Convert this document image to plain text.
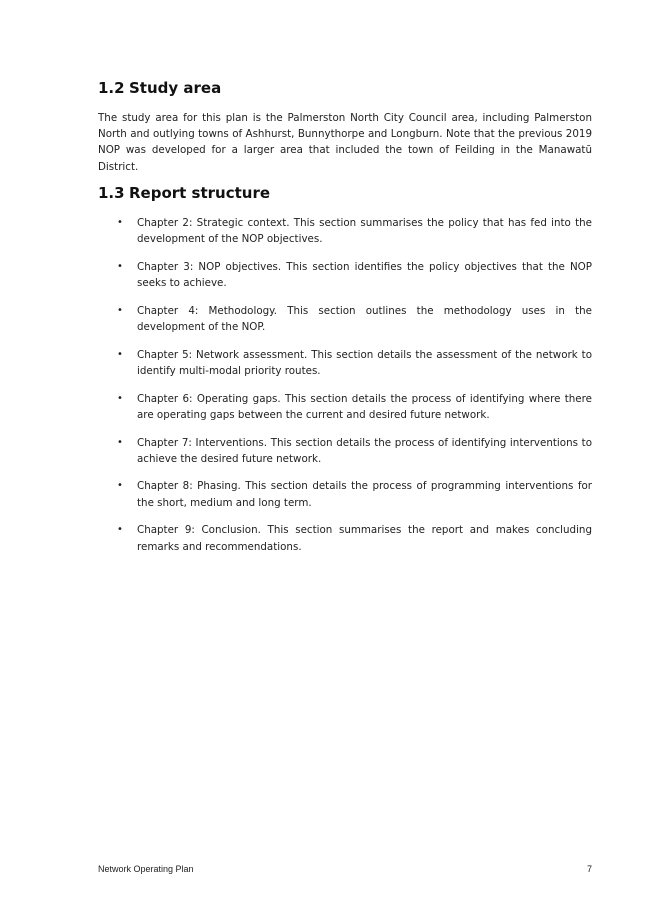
1.2 Study area

The study area for this plan is the Palmerston North City Council area, including Palmerston North and outlying towns of Ashhurst, Bunnythorpe and Longburn. Note that the previous 2019 NOP was developed for a larger area that included the town of Feilding in the Manawatū District.

1.3 Report structure
• Chapter 2: Strategic context. This section summarises the policy that has fed into the development of the NOP objectives.
• Chapter 3: NOP objectives. This section identifies the policy objectives that the NOP seeks to achieve.
• Chapter 4: Methodology. This section outlines the methodology uses in the development of the NOP.
• Chapter 5: Network assessment. This section details the assessment of the network to identify multi-modal priority routes.
• Chapter 6: Operating gaps. This section details the process of identifying where there are operating gaps between the current and desired future network.
• Chapter 7: Interventions. This section details the process of identifying interventions to achieve the desired future network.
• Chapter 8: Phasing. This section details the process of programming interventions for the short, medium and long term.
• Chapter 9: Conclusion. This section summarises the report and makes concluding remarks and recommendations.
Network Operating Plan	7
